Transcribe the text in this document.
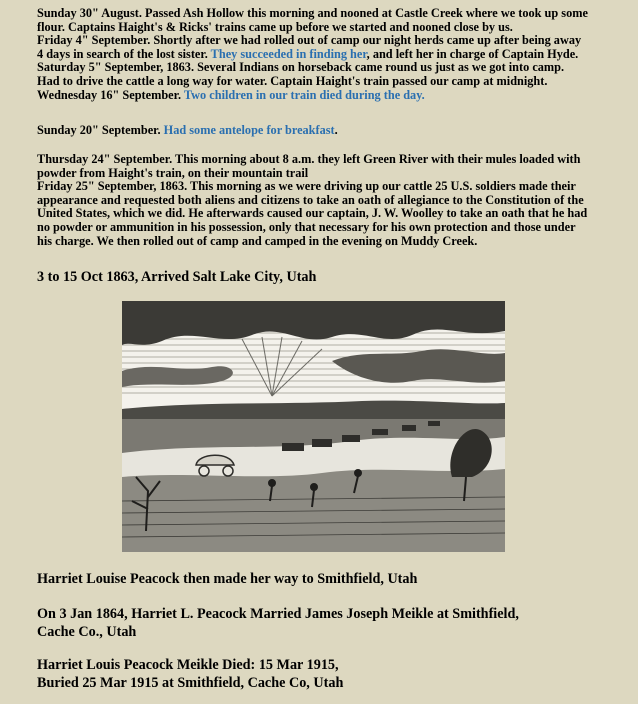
Sunday 30" August. Passed Ash Hollow this morning and nooned at Castle Creek where we took up some
flour. Captains Haight's & Ricks' trains came up before we started and nooned close by us.
Friday 4" September. Shortly after we had rolled out of camp our night herds came up after being away
4 days in search of the lost sister. They succeeded in finding her, and left her in charge of Captain Hyde.
Saturday 5" September, 1863. Several Indians on horseback came round us just as we got into camp.
Had to drive the cattle a long way for water. Captain Haight's train passed our camp at midnight.
Wednesday 16" September. Two children in our train died during the day.

Sunday 20" September. Had some antelope for breakfast.

Thursday 24" September. This morning about 8 a.m. they left Green River with their mules loaded with
powder from Haight's train, on their mountain trail
Friday 25" September, 1863. This morning as we were driving up our cattle 25 U.S. soldiers made their
appearance and requested both aliens and citizens to take an oath of allegiance to the Constitution of the
United States, which we did. He afterwards caused our captain, J. W. Woolley to take an oath that he had
no powder or ammunition in his possession, only that necessary for his own protection and those under
his charge. We then rolled out of camp and camped in the evening on Muddy Creek.

3 to 15 Oct 1863, Arrived Salt Lake City, Utah

Harriet Louise Peacock then made her way to Smithfield, Utah

On 3 Jan 1864, Harriet L. Peacock Married James Joseph Meikle at Smithfield,
Cache Co., Utah

Harriet Louis Peacock Meikle Died: 15 Mar 1915,
Buried 25 Mar 1915 at Smithfield, Cache Co, Utah
